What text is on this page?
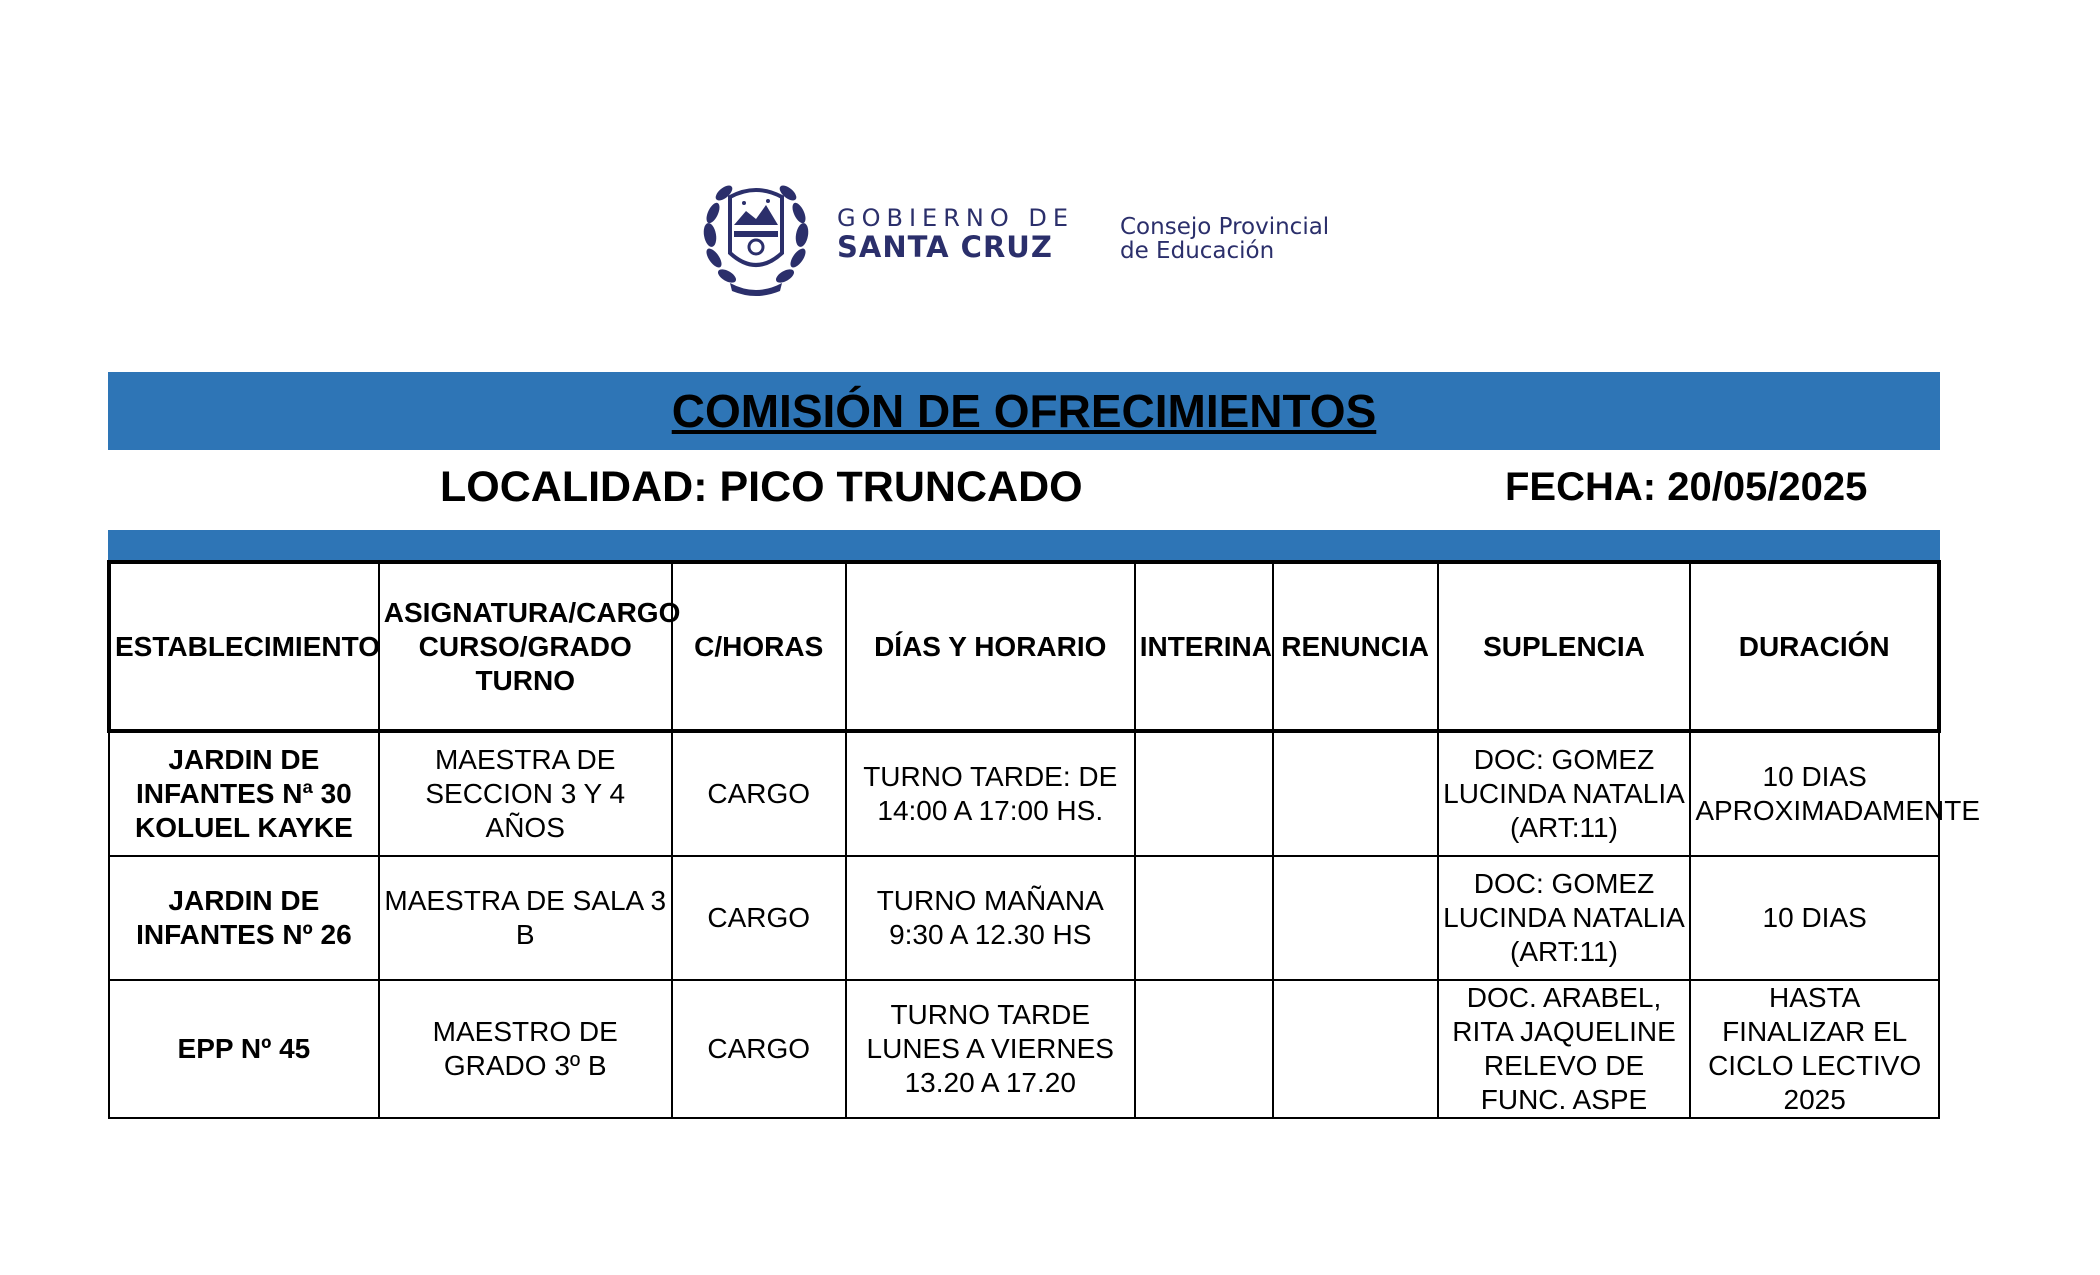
GOBIERNO DE
SANTA CRUZ
Consejo Provincial
de Educación
COMISIÓN DE OFRECIMIENTOS
LOCALIDAD: PICO TRUNCADO	FECHA: 20/05/2025
ESTABLECIMIENTO	ASIGNATURA/CARGO CURSO/GRADO TURNO	C/HORAS	DÍAS Y HORARIO	INTERINA	RENUNCIA	SUPLENCIA	DURACIÓN
JARDIN DE INFANTES Nª 30 KOLUEL KAYKE	MAESTRA DE SECCION 3 Y 4 AÑOS	CARGO	TURNO TARDE: DE 14:00 A 17:00 HS.			DOC: GOMEZ LUCINDA NATALIA (ART:11)	10 DIAS APROXIMADAMENTE
JARDIN DE INFANTES Nº 26	MAESTRA DE SALA 3 B	CARGO	TURNO MAÑANA 9:30 A 12.30 HS			DOC: GOMEZ LUCINDA NATALIA (ART:11)	10 DIAS
EPP Nº 45	MAESTRO DE GRADO 3º B	CARGO	TURNO TARDE LUNES A VIERNES 13.20 A 17.20			DOC. ARABEL, RITA JAQUELINE RELEVO DE FUNC. ASPE	HASTA FINALIZAR EL CICLO LECTIVO 2025
